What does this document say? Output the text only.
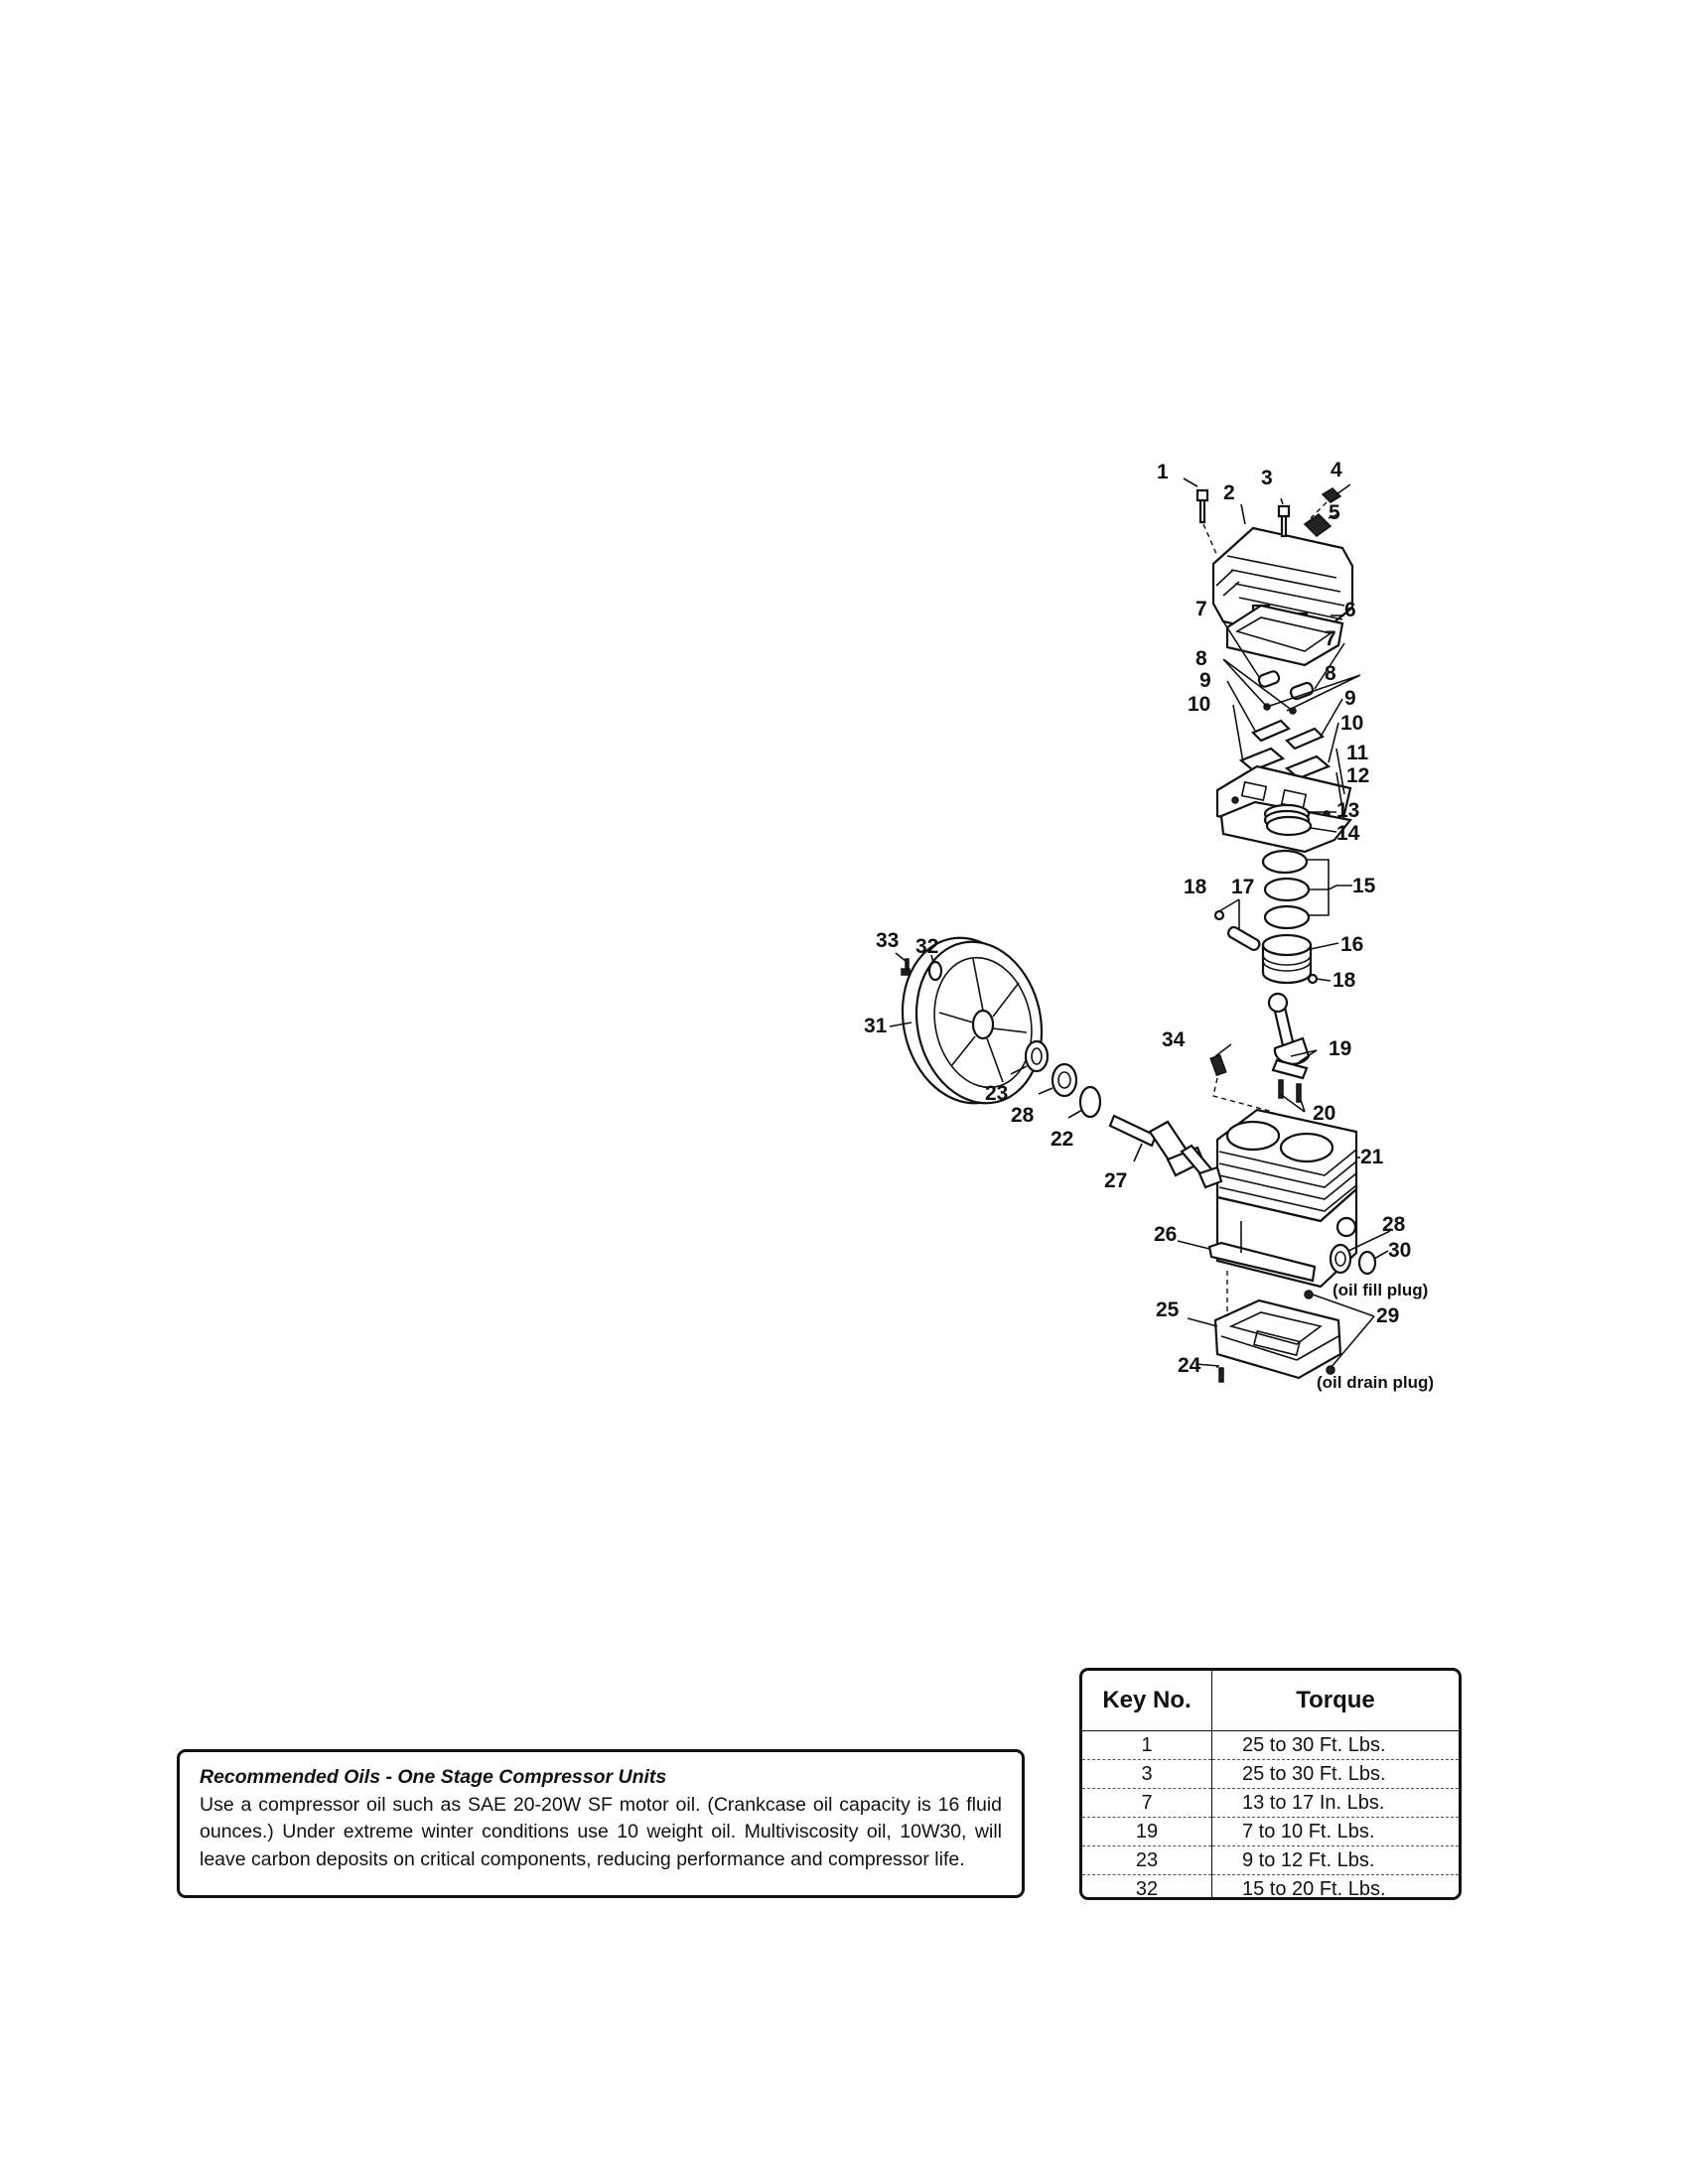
1
2
3	4
5
6
7
7
8
8
9
9
10
10
11
12
13
14
15
16
17
18
18
19
20
21
22
23
24
25
26
27
28
28
29
30
31
32
33
34
(oil fill plug)
(oil drain plug)
Recommended Oils - One Stage Compressor Units
Use a compressor oil such as SAE 20-20W SF motor oil. (Crankcase oil capacity is 16 fluid ounces.) Under extreme winter conditions use 10 weight oil. Multiviscosity oil, 10W30, will leave carbon deposits on critical components, reducing performance and compressor life.
Key No.	Torque
1	25 to 30 Ft. Lbs.
3	25 to 30 Ft. Lbs.
7	13 to 17 In. Lbs.
19	7 to 10 Ft. Lbs.
23	9 to 12 Ft. Lbs.
32	15 to 20 Ft. Lbs.
